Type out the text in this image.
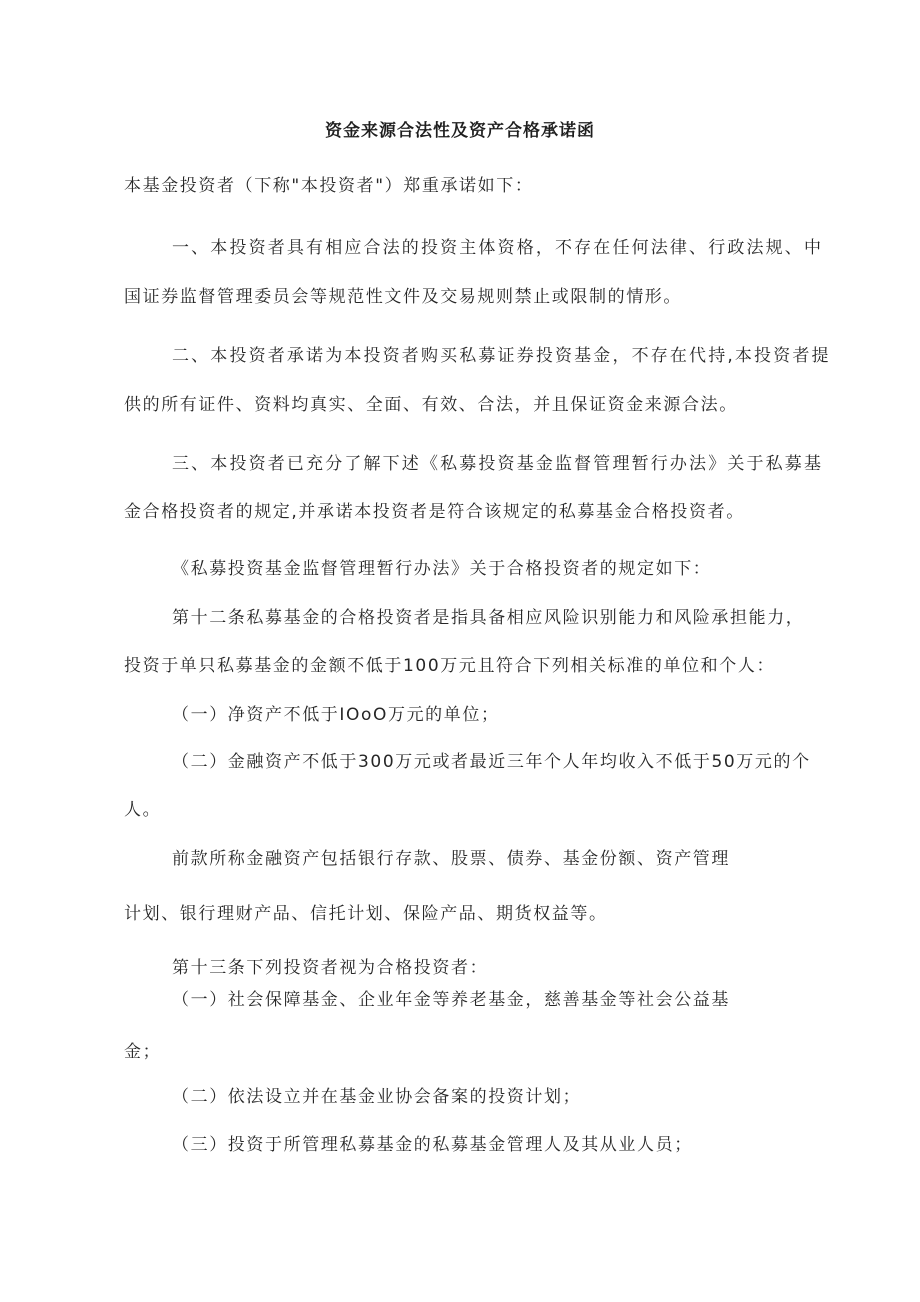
资金来源合法性及资产合格承诺函
本基金投资者（下称"本投资者"）郑重承诺如下：
一、本投资者具有相应合法的投资主体资格，不存在任何法律、行政法规、中
国证券监督管理委员会等规范性文件及交易规则禁止或限制的情形。
二、本投资者承诺为本投资者购买私募证券投资基金，不存在代持,本投资者提
供的所有证件、资料均真实、全面、有效、合法，并且保证资金来源合法。
三、本投资者已充分了解下述《私募投资基金监督管理暂行办法》关于私募基
金合格投资者的规定,并承诺本投资者是符合该规定的私募基金合格投资者。
《私募投资基金监督管理暂行办法》关于合格投资者的规定如下：
第十二条私募基金的合格投资者是指具备相应风险识别能力和风险承担能力，
投资于单只私募基金的金额不低于100万元且符合下列相关标准的单位和个人：
（一）净资产不低于IOoO万元的单位；
（二）金融资产不低于300万元或者最近三年个人年均收入不低于50万元的个
人。
前款所称金融资产包括银行存款、股票、债券、基金份额、资产管理
计划、银行理财产品、信托计划、保险产品、期货权益等。
第十三条下列投资者视为合格投资者：
（一）社会保障基金、企业年金等养老基金，慈善基金等社会公益基
金；
（二）依法设立并在基金业协会备案的投资计划；
（三）投资于所管理私募基金的私募基金管理人及其从业人员；
